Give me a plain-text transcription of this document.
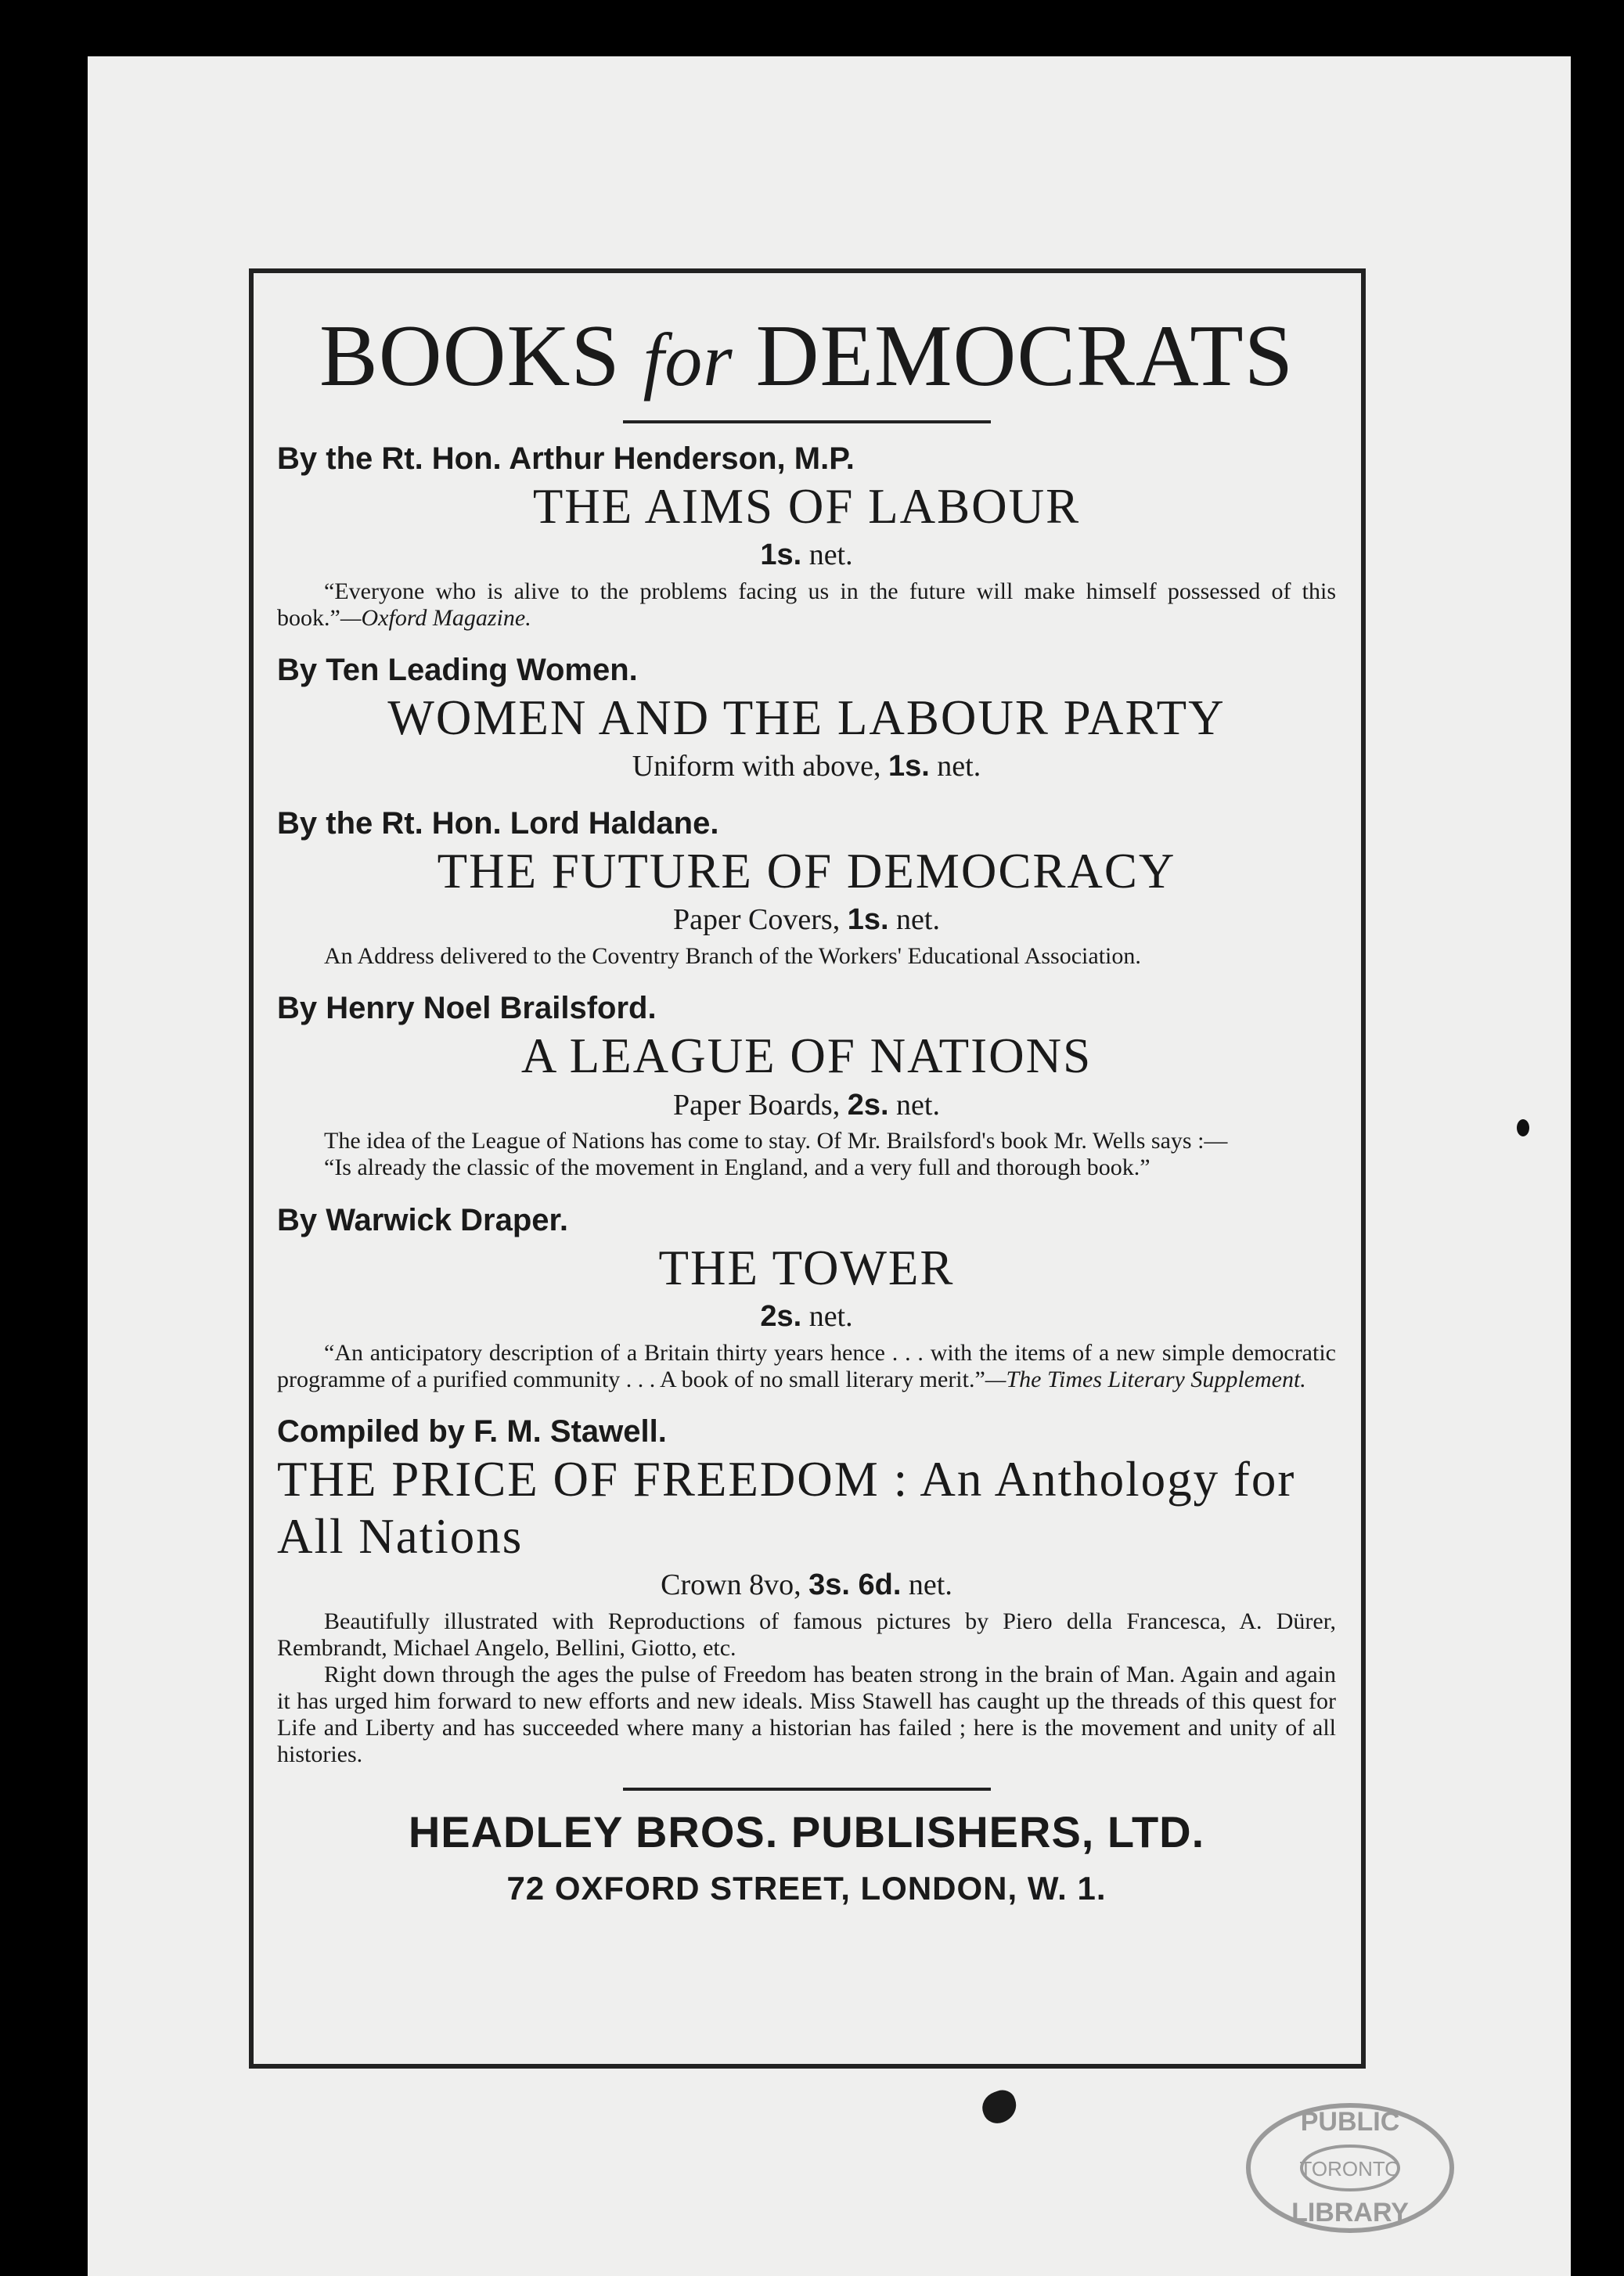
BOOKS for DEMOCRATS

By the Rt. Hon. Arthur Henderson, M.P.

THE AIMS OF LABOUR

1s. net.

“Everyone who is alive to the problems facing us in the future will make himself possessed of this book.”—Oxford Magazine.

By Ten Leading Women.

WOMEN AND THE LABOUR PARTY

Uniform with above, 1s. net.

By the Rt. Hon. Lord Haldane.

THE FUTURE OF DEMOCRACY

Paper Covers, 1s. net.

An Address delivered to the Coventry Branch of the Workers' Educational Association.

By Henry Noel Brailsford.

A LEAGUE OF NATIONS

Paper Boards, 2s. net.

The idea of the League of Nations has come to stay. Of Mr. Brailsford's book Mr. Wells says :—

“Is already the classic of the movement in England, and a very full and thorough book.”

By Warwick Draper.

THE TOWER

2s. net.

“An anticipatory description of a Britain thirty years hence . . . with the items of a new simple democratic programme of a purified community . . . A book of no small literary merit.”—The Times Literary Supplement.

Compiled by F. M. Stawell.

THE PRICE OF FREEDOM : An Anthology for All Nations

Crown 8vo, 3s. 6d. net.

Beautifully illustrated with Reproductions of famous pictures by Piero della Francesca, A. Dürer, Rembrandt, Michael Angelo, Bellini, Giotto, etc.

Right down through the ages the pulse of Freedom has beaten strong in the brain of Man. Again and again it has urged him forward to new efforts and new ideals. Miss Stawell has caught up the threads of this quest for Life and Liberty and has succeeded where many a historian has failed ; here is the movement and unity of all histories.

HEADLEY BROS. PUBLISHERS, LTD.

72 OXFORD STREET, LONDON, W. 1.

PUBLIC
TORONTO
LIBRARY
